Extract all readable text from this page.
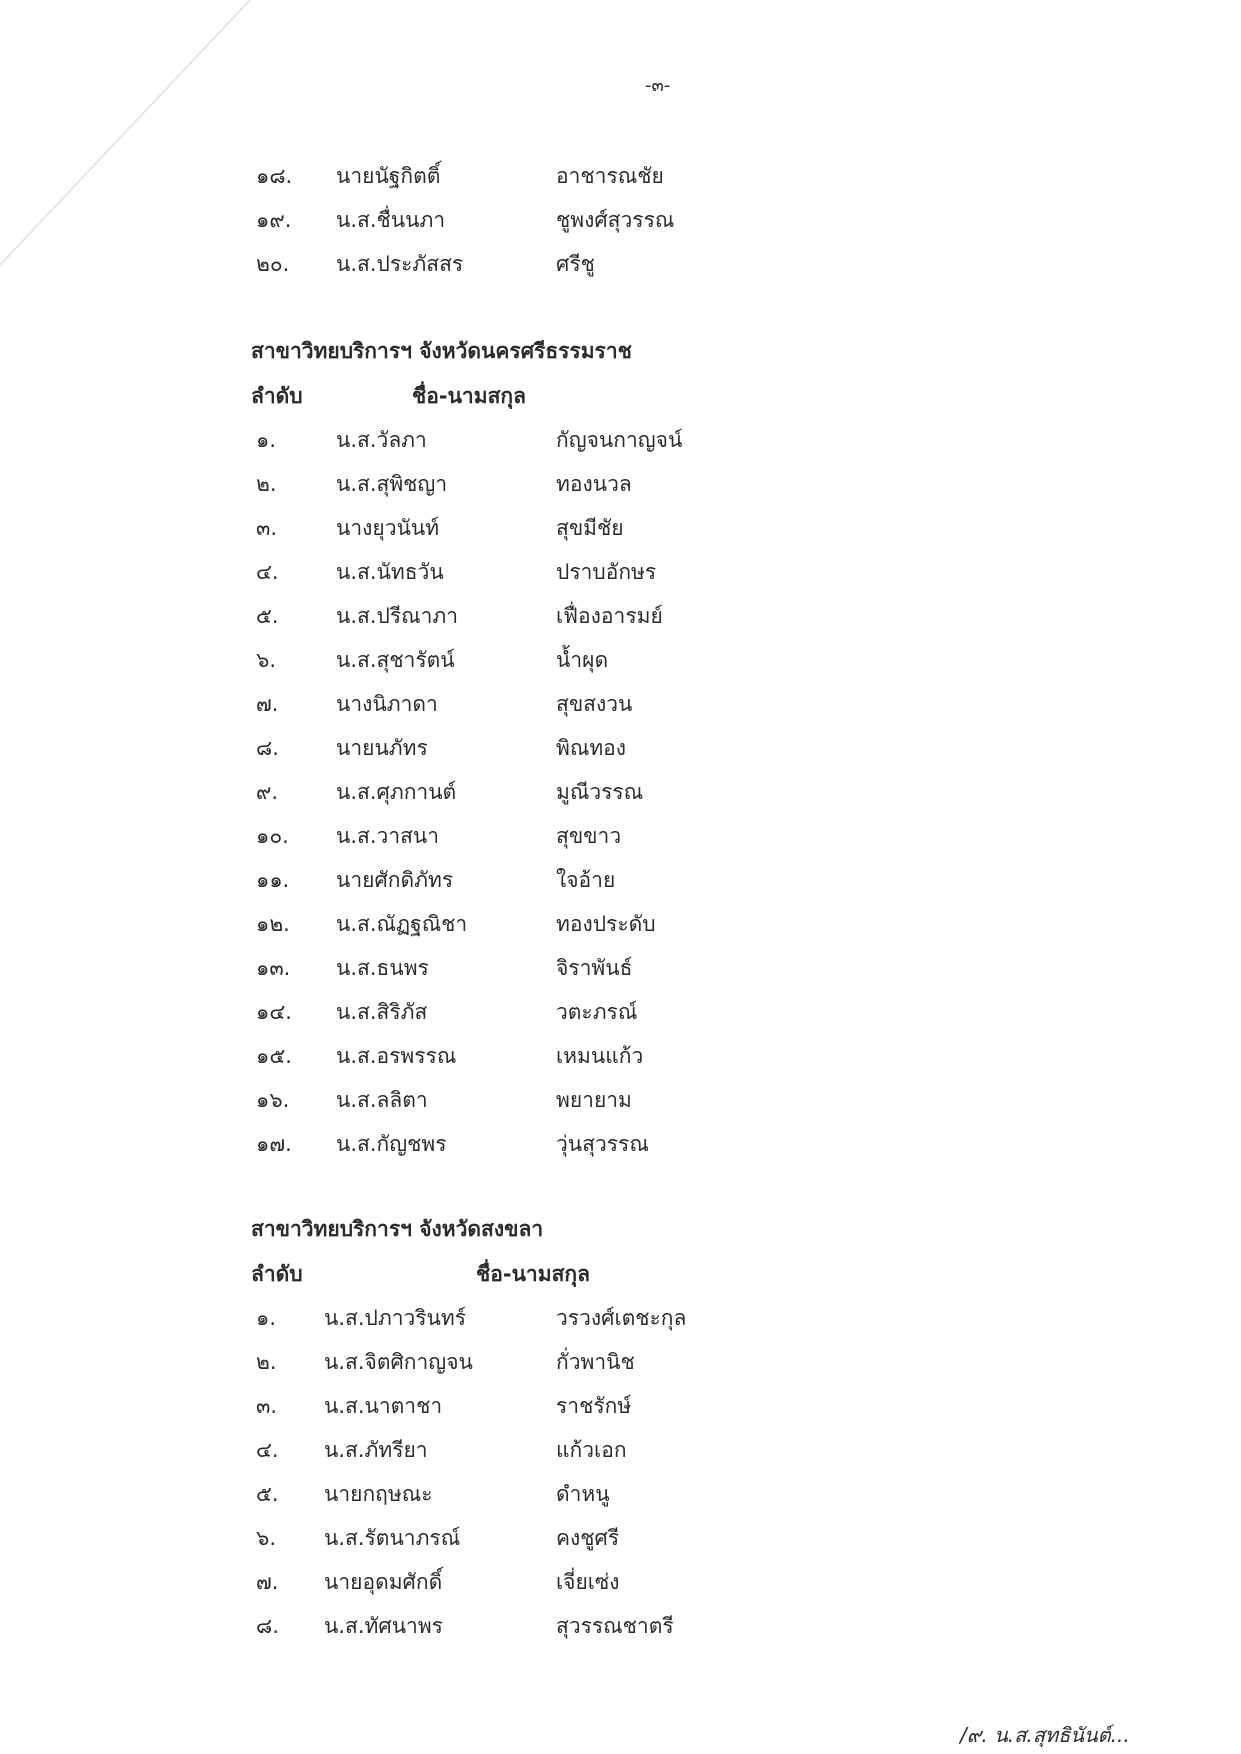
-๓-
๑๘. นายนัฐกิตติ์	อาชารณชัย
๑๙. น.ส.ชื่นนภา	ชูพงศ์สุวรรณ
๒๐. น.ส.ประภัสสร	ศรีชู
สาขาวิทยบริการฯ จังหวัดนครศรีธรรมราช
ลำดับ	ชื่อ-นามสกุล
๑.	น.ส.วัลภา	กัญจนกาญจน์
๒.	น.ส.สุพิชญา	ทองนวล
๓.	นางยุวนันท์	สุขมีชัย
๔.	น.ส.นัทธวัน	ปราบอักษร
๕.	น.ส.ปรีณาภา	เฟื่องอารมย์
๖.	น.ส.สุชารัตน์	น้ำผุด
๗.	นางนิภาดา	สุขสงวน
๘.	นายนภัทร	พิณทอง
๙.	น.ส.ศุภกานต์	มูณีวรรณ
๑๐. น.ส.วาสนา	สุขขาว
๑๑. นายศักดิภัทร	ใจอ้าย
๑๒. น.ส.ณัฏฐณิชา	ทองประดับ
๑๓. น.ส.ธนพร	จิราพันธ์
๑๔. น.ส.สิริภัส	วตะภรณ์
๑๕. น.ส.อรพรรณ	เหมนแก้ว
๑๖. น.ส.ลลิตา	พยายาม
๑๗. น.ส.กัญชพร	วุ่นสุวรรณ
สาขาวิทยบริการฯ จังหวัดสงขลา
ลำดับ	ชื่อ-นามสกุล
๑. น.ส.ปภาวรินทร์	วรวงศ์เตชะกุล
๒. น.ส.จิตศิกาญจน	กั่วพานิช
๓. น.ส.นาตาชา	ราชรักษ์
๔. น.ส.ภัทรียา	แก้วเอก
๕. นายกฤษณะ	ดำหนู
๖. น.ส.รัตนาภรณ์	คงชูศรี
๗. นายอุดมศักดิ์	เจี่ยเซ่ง
๘. น.ส.ทัศนาพร	สุวรรณชาตรี
/๙. น.ส.สุทธินันต์...
